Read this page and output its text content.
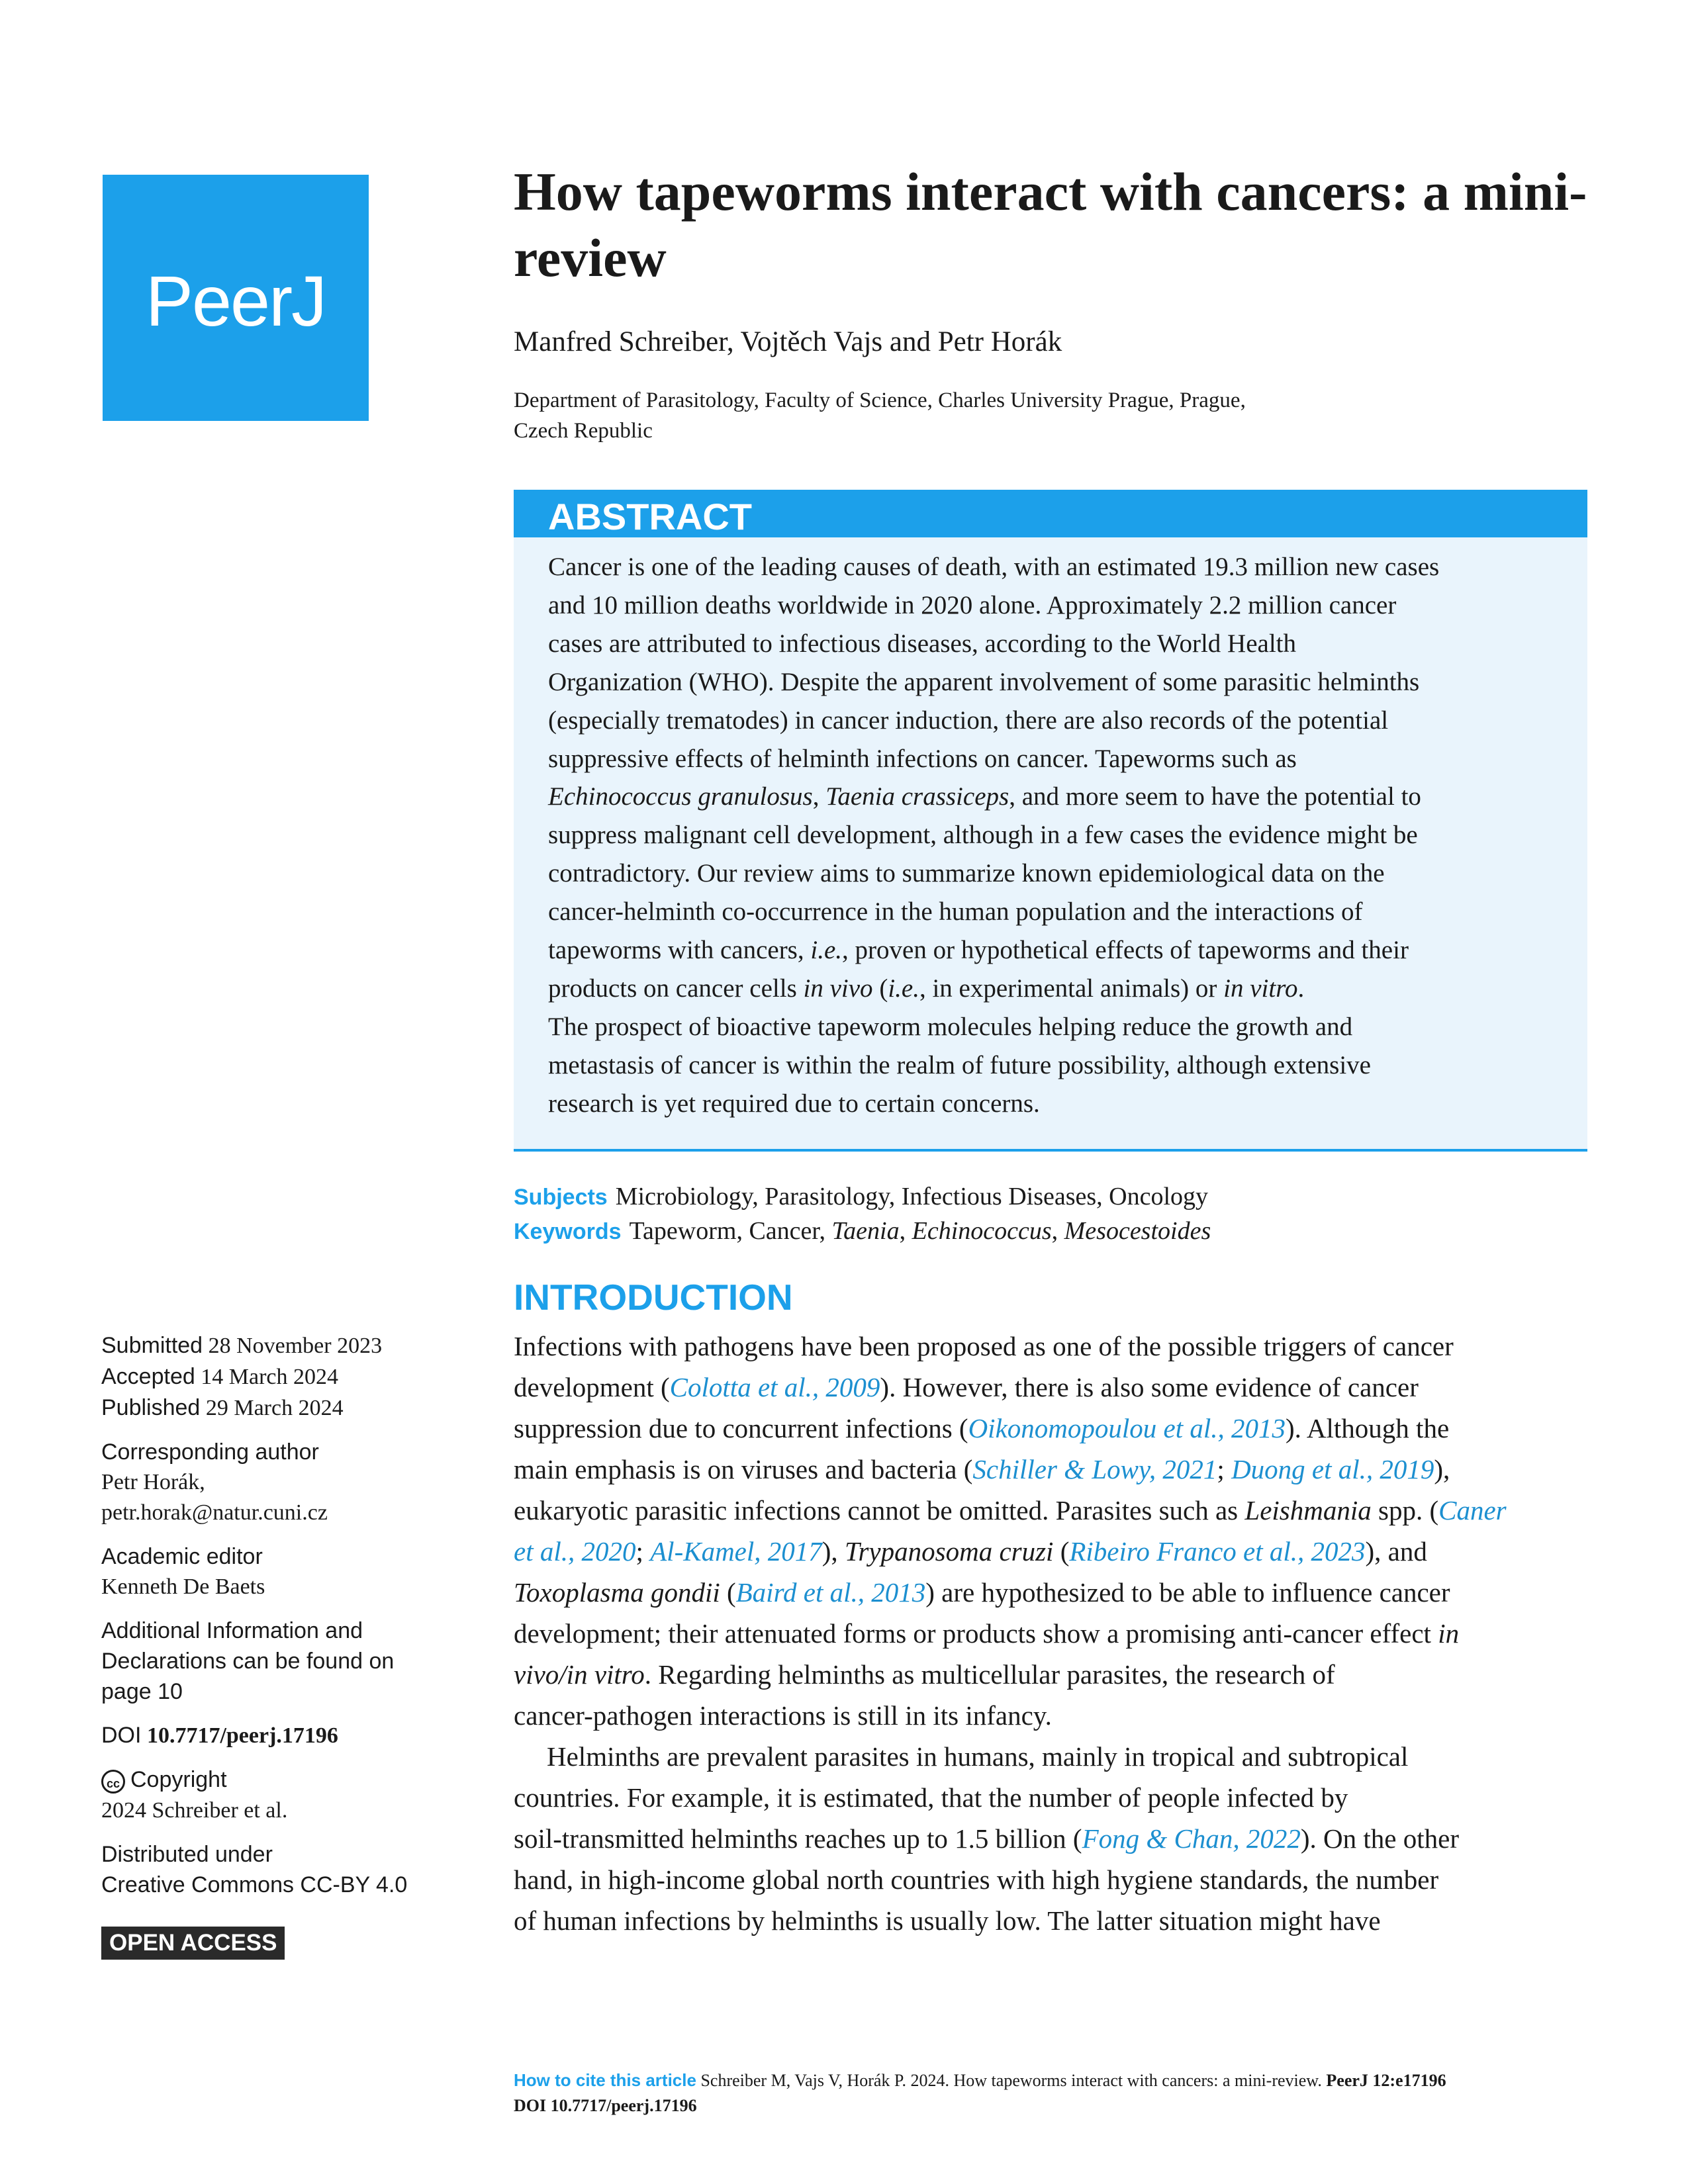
PeerJ
How tapeworms interact with cancers: a mini-review
Manfred Schreiber, Vojtěch Vajs and Petr Horák
Department of Parasitology, Faculty of Science, Charles University Prague, Prague,
Czech Republic
ABSTRACT
Cancer is one of the leading causes of death, with an estimated 19.3 million new cases
and 10 million deaths worldwide in 2020 alone. Approximately 2.2 million cancer
cases are attributed to infectious diseases, according to the World Health
Organization (WHO). Despite the apparent involvement of some parasitic helminths
(especially trematodes) in cancer induction, there are also records of the potential
suppressive effects of helminth infections on cancer. Tapeworms such as
Echinococcus granulosus, Taenia crassiceps, and more seem to have the potential to
suppress malignant cell development, although in a few cases the evidence might be
contradictory. Our review aims to summarize known epidemiological data on the
cancer-helminth co-occurrence in the human population and the interactions of
tapeworms with cancers, i.e., proven or hypothetical effects of tapeworms and their
products on cancer cells in vivo (i.e., in experimental animals) or in vitro.
The prospect of bioactive tapeworm molecules helping reduce the growth and
metastasis of cancer is within the realm of future possibility, although extensive
research is yet required due to certain concerns.
Subjects Microbiology, Parasitology, Infectious Diseases, Oncology
Keywords Tapeworm, Cancer, Taenia, Echinococcus, Mesocestoides
INTRODUCTION
Infections with pathogens have been proposed as one of the possible triggers of cancer
development (Colotta et al., 2009). However, there is also some evidence of cancer
suppression due to concurrent infections (Oikonomopoulou et al., 2013). Although the
main emphasis is on viruses and bacteria (Schiller & Lowy, 2021; Duong et al., 2019),
eukaryotic parasitic infections cannot be omitted. Parasites such as Leishmania spp. (Caner
et al., 2020; Al-Kamel, 2017), Trypanosoma cruzi (Ribeiro Franco et al., 2023), and
Toxoplasma gondii (Baird et al., 2013) are hypothesized to be able to influence cancer
development; their attenuated forms or products show a promising anti-cancer effect in
vivo/in vitro. Regarding helminths as multicellular parasites, the research of
cancer-pathogen interactions is still in its infancy.
Helminths are prevalent parasites in humans, mainly in tropical and subtropical
countries. For example, it is estimated, that the number of people infected by
soil-transmitted helminths reaches up to 1.5 billion (Fong & Chan, 2022). On the other
hand, in high-income global north countries with high hygiene standards, the number
of human infections by helminths is usually low. The latter situation might have
Submitted 28 November 2023
Accepted 14 March 2024
Published 29 March 2024
Corresponding author
Petr Horák,
petr.horak@natur.cuni.cz
Academic editor
Kenneth De Baets
Additional Information and
Declarations can be found on
page 10
DOI 10.7717/peerj.17196
cc Copyright
2024 Schreiber et al.
Distributed under
Creative Commons CC-BY 4.0
OPEN ACCESS
How to cite this article Schreiber M, Vajs V, Horák P. 2024. How tapeworms interact with cancers: a mini-review. PeerJ 12:e17196
DOI 10.7717/peerj.17196
